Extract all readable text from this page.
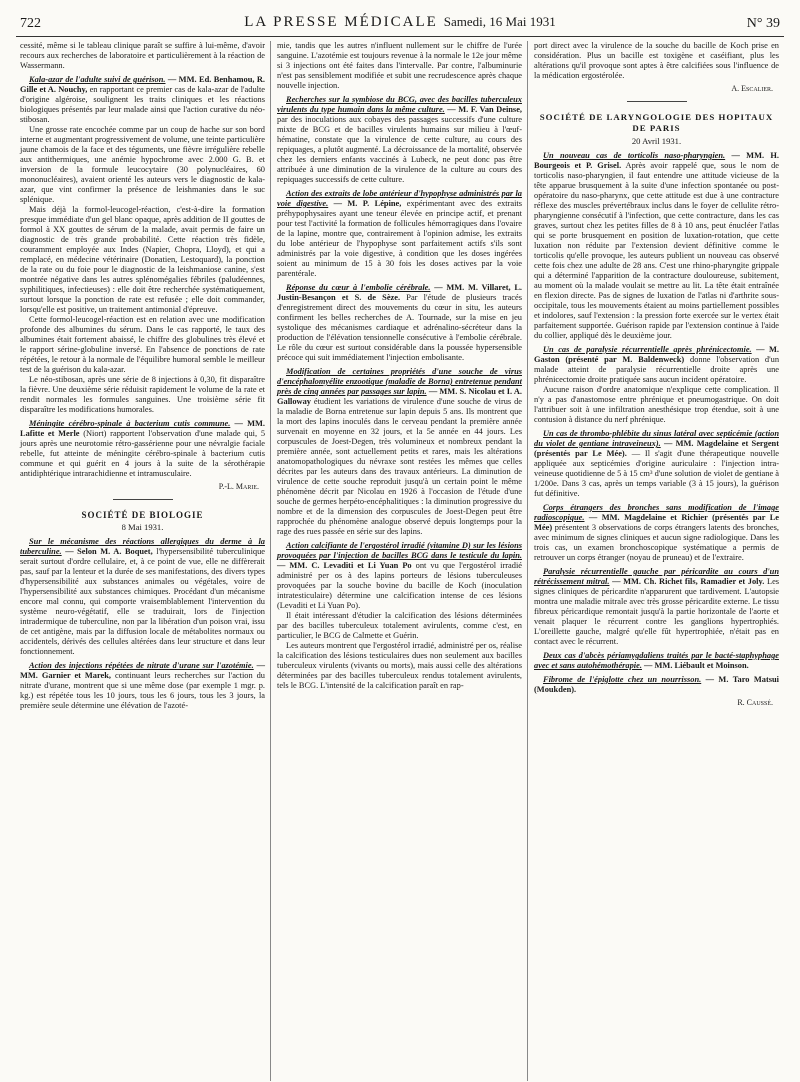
722	LA PRESSE MÉDICALE Samedi, 16 Mai 1931	N° 39

cessité, même si le tableau clinique paraît se suffire à lui-même, d'avoir recours aux recherches de laboratoire et particulièrement à la réaction de Wassermann.

Kala-azar de l'adulte suivi de guérison. — MM. Ed. Benhamou, R. Gille et A. Nouchy, en rapportant ce premier cas de kala-azar de l'adulte d'origine algéroise, soulignent les traits cliniques et les réactions biologiques présentés par leur malade ainsi que l'action curative du néo-stibosan.

Une grosse rate encochée comme par un coup de hache sur son bord interne et augmentant progressivement de volume, une teinte particulière jaune chamois de la face et des téguments, une fièvre irrégulière rebelle aux antithermiques, une anémie hypochrome avec 2.000 G. B. et inversion de la formule leucocytaire (30 polynucléaires, 60 mononucléaires), avaient orienté les auteurs vers le diagnostic de kala-azar, que vint confirmer la présence de leishmanies dans le suc splénique.

Mais déjà la formol-leucogel-réaction, c'est-à-dire la formation presque immédiate d'un gel blanc opaque, après addition de II gouttes de formol à XX gouttes de sérum de la malade, avait permis de faire un diagnostic de très grande probabilité. Cette réaction très fidèle, couramment employée aux Indes (Napier, Chopra, Lloyd), et qui a remplacé, en médecine vétérinaire (Donatien, Lestoquard), la ponction de la rate ou du foie pour le diagnostic de la leishmaniose canine, s'est montrée négative dans les autres splénomégalies fébriles (paludéennes, syphilitiques, infectieuses) : elle doit être recherchée systématiquement, surtout lorsque la ponction de rate est refusée ; elle doit commander, lorsqu'elle est positive, un traitement antimonial d'épreuve.

Cette formol-leucogel-réaction est en relation avec une modification profonde des albumines du sérum. Dans le cas rapporté, le taux des albumines était fortement abaissé, le chiffre des globulines très élevé et le rapport sérine-globuline inversé. En l'absence de ponctions de rate répétées, le retour à la normale de l'équilibre humoral semble le meilleur test de la guérison du kala-azar.

Le néo-stibosan, après une série de 8 injections à 0,30, fit disparaître la fièvre. Une deuxième série réduisit rapidement le volume de la rate et rendit normales les formules sanguines. Une troisième série fit disparaître les modifications humorales.

Méningite cérébro-spinale à bacterium cutis commune. — MM. Lafitte et Merle (Niort) rapportent l'observation d'une malade qui, 5 jours après une neurotomie rétro-gassérienne pour une névralgie faciale rebelle, fut atteinte de méningite cérébro-spinale à bacterium cutis commune et qui guérit en 4 jours à la suite de la sérothérapie antidiphtérique intrarachidienne et intramusculaire.

P.-L. Marie.
SOCIÉTÉ DE BIOLOGIE
8 Mai 1931.

Sur le mécanisme des réactions allergiques du derme à la tuberculine. — Selon M. A. Boquet, l'hypersensibilité tuberculinique serait surtout d'ordre cellulaire, et, à ce point de vue, elle ne diffèrerait pas, sauf par la lenteur et la durée de ses manifestations, des divers types d'hypersensibilité aux substances animales ou végétales, voire de l'hypersensibilité aux substances chimiques. Procédant d'un mécanisme encore mal connu, qui comporte vraisemblablement l'intervention du système neuro-végétatif, elle se traduirait, lors de l'injection intradermique de tuberculine, non par la libération d'un poison vrai, issu de cet antigène, mais par la diffusion locale de métabolites normaux ou accidentels, dérivés des cellules altérées dans leur structure et dans leur fonctionnement.

Action des injections répétées de nitrate d'urane sur l'azotémie. — MM. Garnier et Marek, continuant leurs recherches sur l'action du nitrate d'urane, montrent que si une même dose (par exemple 1 mgr. p. kg.) est répétée tous les 10 jours, tous les 6 jours, tous les 3 jours, la première seule détermine une élévation de l'azoté-

mie, tandis que les autres n'influent nullement sur le chiffre de l'urée sanguine. L'azotémie est toujours revenue à la normale le 12e jour même si 3 injections ont été faites dans l'intervalle. Par contre, l'albuminurie n'est pas sensiblement modifiée et subit une recrudescence après chaque nouvelle injection.

Recherches sur la symbiose du BCG, avec des bacilles tuberculeux virulents du type humain dans la même culture. — M. F. Van Deinse, par des inoculations aux cobayes des passages successifs d'une culture mixte de BCG et de bacilles virulents humains sur milieu à l'œuf-hématine, constate que la virulence de cette culture, au cours des repiquages, a plutôt augmenté. La décroissance de la mortalité, observée chez les derniers enfants vaccinés à Lubeck, ne peut donc pas être attribuée à une diminution de la virulence de la culture au cours des repiquages successifs de cette culture.

Action des extraits de lobe antérieur d'hypophyse administrés par la voie digestive. — M. P. Lépine, expérimentant avec des extraits préhypophysaires ayant une teneur élevée en principe actif, et prenant pour test l'activité la formation de follicules hémorragiques dans l'ovaire de la lapine, montre que, contrairement à l'opinion admise, les extraits du lobe antérieur de l'hypophyse sont parfaitement actifs s'ils sont administrés par la voie digestive, à condition que les doses ingérées soient au minimum de 15 à 30 fois les doses actives par la voie parentérale.

Réponse du cœur à l'embolie cérébrale. — MM. M. Villaret, L. Justin-Besançon et S. de Sèze. Par l'étude de plusieurs tracés d'enregistrement direct des mouvements du cœur in situ, les auteurs confirment les belles recherches de A. Tournade, sur la mise en jeu systolique des mécanismes cardiaque et adrénalino-sécréteur dans la production de l'élévation tensionnelle consécutive à l'embolie cérébrale. Le rôle du cœur est surtout considérable dans la poussée hypersensible précoce qui suit immédiatement l'injection embolisante.

Modification de certaines propriétés d'une souche de virus d'encéphalomyélite enzootique (maladie de Borna) entretenue pendant près de cinq années par passages sur lapin. — MM. S. Nicolau et I. A. Galloway étudient les variations de virulence d'une souche de virus de la maladie de Borna entretenue sur lapin depuis 5 ans. Ils montrent que la mort des lapins inoculés dans le cerveau pendant la première année survenait en moyenne en 32 jours, et la 5e année en 44 jours. Les corpuscules de Joest-Degen, très volumineux et nombreux pendant la première année, sont actuellement petits et rares, mais les altérations anatomopathologiques du névraxe sont restées les mêmes que celles décrites par les auteurs dans des travaux antérieurs. La diminution de virulence de cette souche reproduit jusqu'à un certain point le même phénomène décrit par Nicolau en 1926 à l'occasion de l'étude d'une souche de germes herpéto-encéphalitiques : la diminution progressive du nombre et de la dimension des corpuscules de Joest-Degen peut être rapprochée du phénomène analogue observé depuis longtemps pour la rage des rues passée en série sur des lapins.

Action calcifiante de l'ergostérol irradié (vitamine D) sur les lésions provoquées par l'injection de bacilles BCG dans le testicule du lapin. — MM. C. Levaditi et Li Yuan Po ont vu que l'ergostérol irradié administré per os à des lapins porteurs de lésions tuberculeuses provoquées par la souche bovine du bacille de Koch (inoculation intratesticulaire) détermine une calcification intense de ces lésions (Levaditi et Li Yuan Po).

Il était intéressant d'étudier la calcification des lésions déterminées par des bacilles tuberculeux totalement avirulents, comme c'est, en particulier, le BCG de Calmette et Guérin.

Les auteurs montrent que l'ergostérol irradié, administré per os, réalise la calcification des lésions testiculaires dues non seulement aux bacilles tuberculeux virulents (vivants ou morts), mais aussi celle des altérations déterminées par des bacilles tuberculeux rendus totalement avirulents, tels le BCG. L'intensité de la calcification paraît en rap-

port direct avec la virulence de la souche du bacille de Koch prise en considération. Plus un bacille est toxigène et caséifiant, plus les altérations qu'il provoque sont aptes à être calcifiées sous l'influence de la médication ergostérolée.

A. Escalier.
SOCIÉTÉ DE LARYNGOLOGIE DES HOPITAUX DE PARIS
20 Avril 1931.

Un nouveau cas de torticolis naso-pharyngien. — MM. H. Bourgeois et P. Grisel. Après avoir rappelé que, sous le nom de torticolis naso-pharyngien, il faut entendre une attitude vicieuse de la tête apparue brusquement à la suite d'une infection spontanée ou post-opératoire du naso-pharynx, que cette attitude est due à une contracture réflexe des muscles prévertébraux inclus dans le foyer de cellulite rétro-pharyngienne consécutif à l'infection, que cette contracture, dans les cas graves, surtout chez les petites filles de 8 à 10 ans, peut énucléer l'atlas qui se porte brusquement en position de luxation-rotation, que cette luxation non réduite par l'extension devient définitive comme le torticolis qu'elle provoque, les auteurs publient un nouveau cas observé cette fois chez une adulte de 28 ans. C'est une rhino-pharyngite grippale qui a déterminé l'apparition de la contracture douloureuse, subitement, au moment où la malade voulait se mettre au lit. La tête était entraînée en flexion directe. Pas de signes de luxation de l'atlas ni d'arthrite sous-occipitale, tous les mouvements étaient au moins partiellement possibles et indolores, sauf l'extension : la pression forte exercée sur le vertex était parfaitement supportée. Guérison rapide par l'extension continue à l'aide du collier, appliqué dès le deuxième jour.

Un cas de paralysie récurrentielle après phrénicectomie. — M. Gaston (présenté par M. Baldenweck) donne l'observation d'un malade atteint de paralysie récurrentielle droite après une phrénicectomie droite pratiquée sans aucun incident opératoire.

Aucune raison d'ordre anatomique n'explique cette complication. Il n'y a pas d'anastomose entre phrénique et pneumogastrique. On doit l'attribuer soit à une infiltration anesthésique trop étendue, soit à une contusion à distance du nerf phrénique.

Un cas de thrombo-phlébite du sinus latéral avec septicémie (action du violet de gentiane intraveineux). — MM. Magdelaine et Sergent (présentés par Le Mée). — Il s'agit d'une thérapeutique nouvelle appliquée aux septicémies d'origine auriculaire : l'injection intra-veineuse quotidienne de 5 à 15 cm³ d'une solution de violet de gentiane à 1/200e. Dans 3 cas, après un temps variable (3 à 15 jours), la guérison fut définitive.

Corps étrangers des bronches sans modification de l'image radioscopique. — MM. Magdelaine et Richier (présentés par Le Mée) présentent 3 observations de corps étrangers latents des bronches, avec minimum de signes cliniques et aucun signe radiologique. Dans les trois cas, un examen bronchoscopique systématique a permis de retrouver un corps étranger (noyau de pruneau) et de l'extraire.

Paralysie récurrentielle gauche par péricardite au cours d'un rétrécissement mitral. — MM. Ch. Richet fils, Ramadier et Joly. Les signes cliniques de péricardite n'apparurent que tardivement. L'autopsie montra une maladie mitrale avec très grosse péricardite externe. Le tissu fibreux péricardique remontait jusqu'à la partie horizontale de l'aorte et venait plaquer le récurrent contre les ganglions hypertrophiés. L'oreillette gauche, malgré qu'elle fût hypertrophiée, n'était pas en contact avec le récurrent.

Deux cas d'abcès périamygdaliens traités par le bacté-staphyphage avec et sans autohémothérapie. — MM. Liébault et Moinson.

Fibrome de l'épiglotte chez un nourrisson. — M. Taro Matsui (Moukden).

R. Caussé.
